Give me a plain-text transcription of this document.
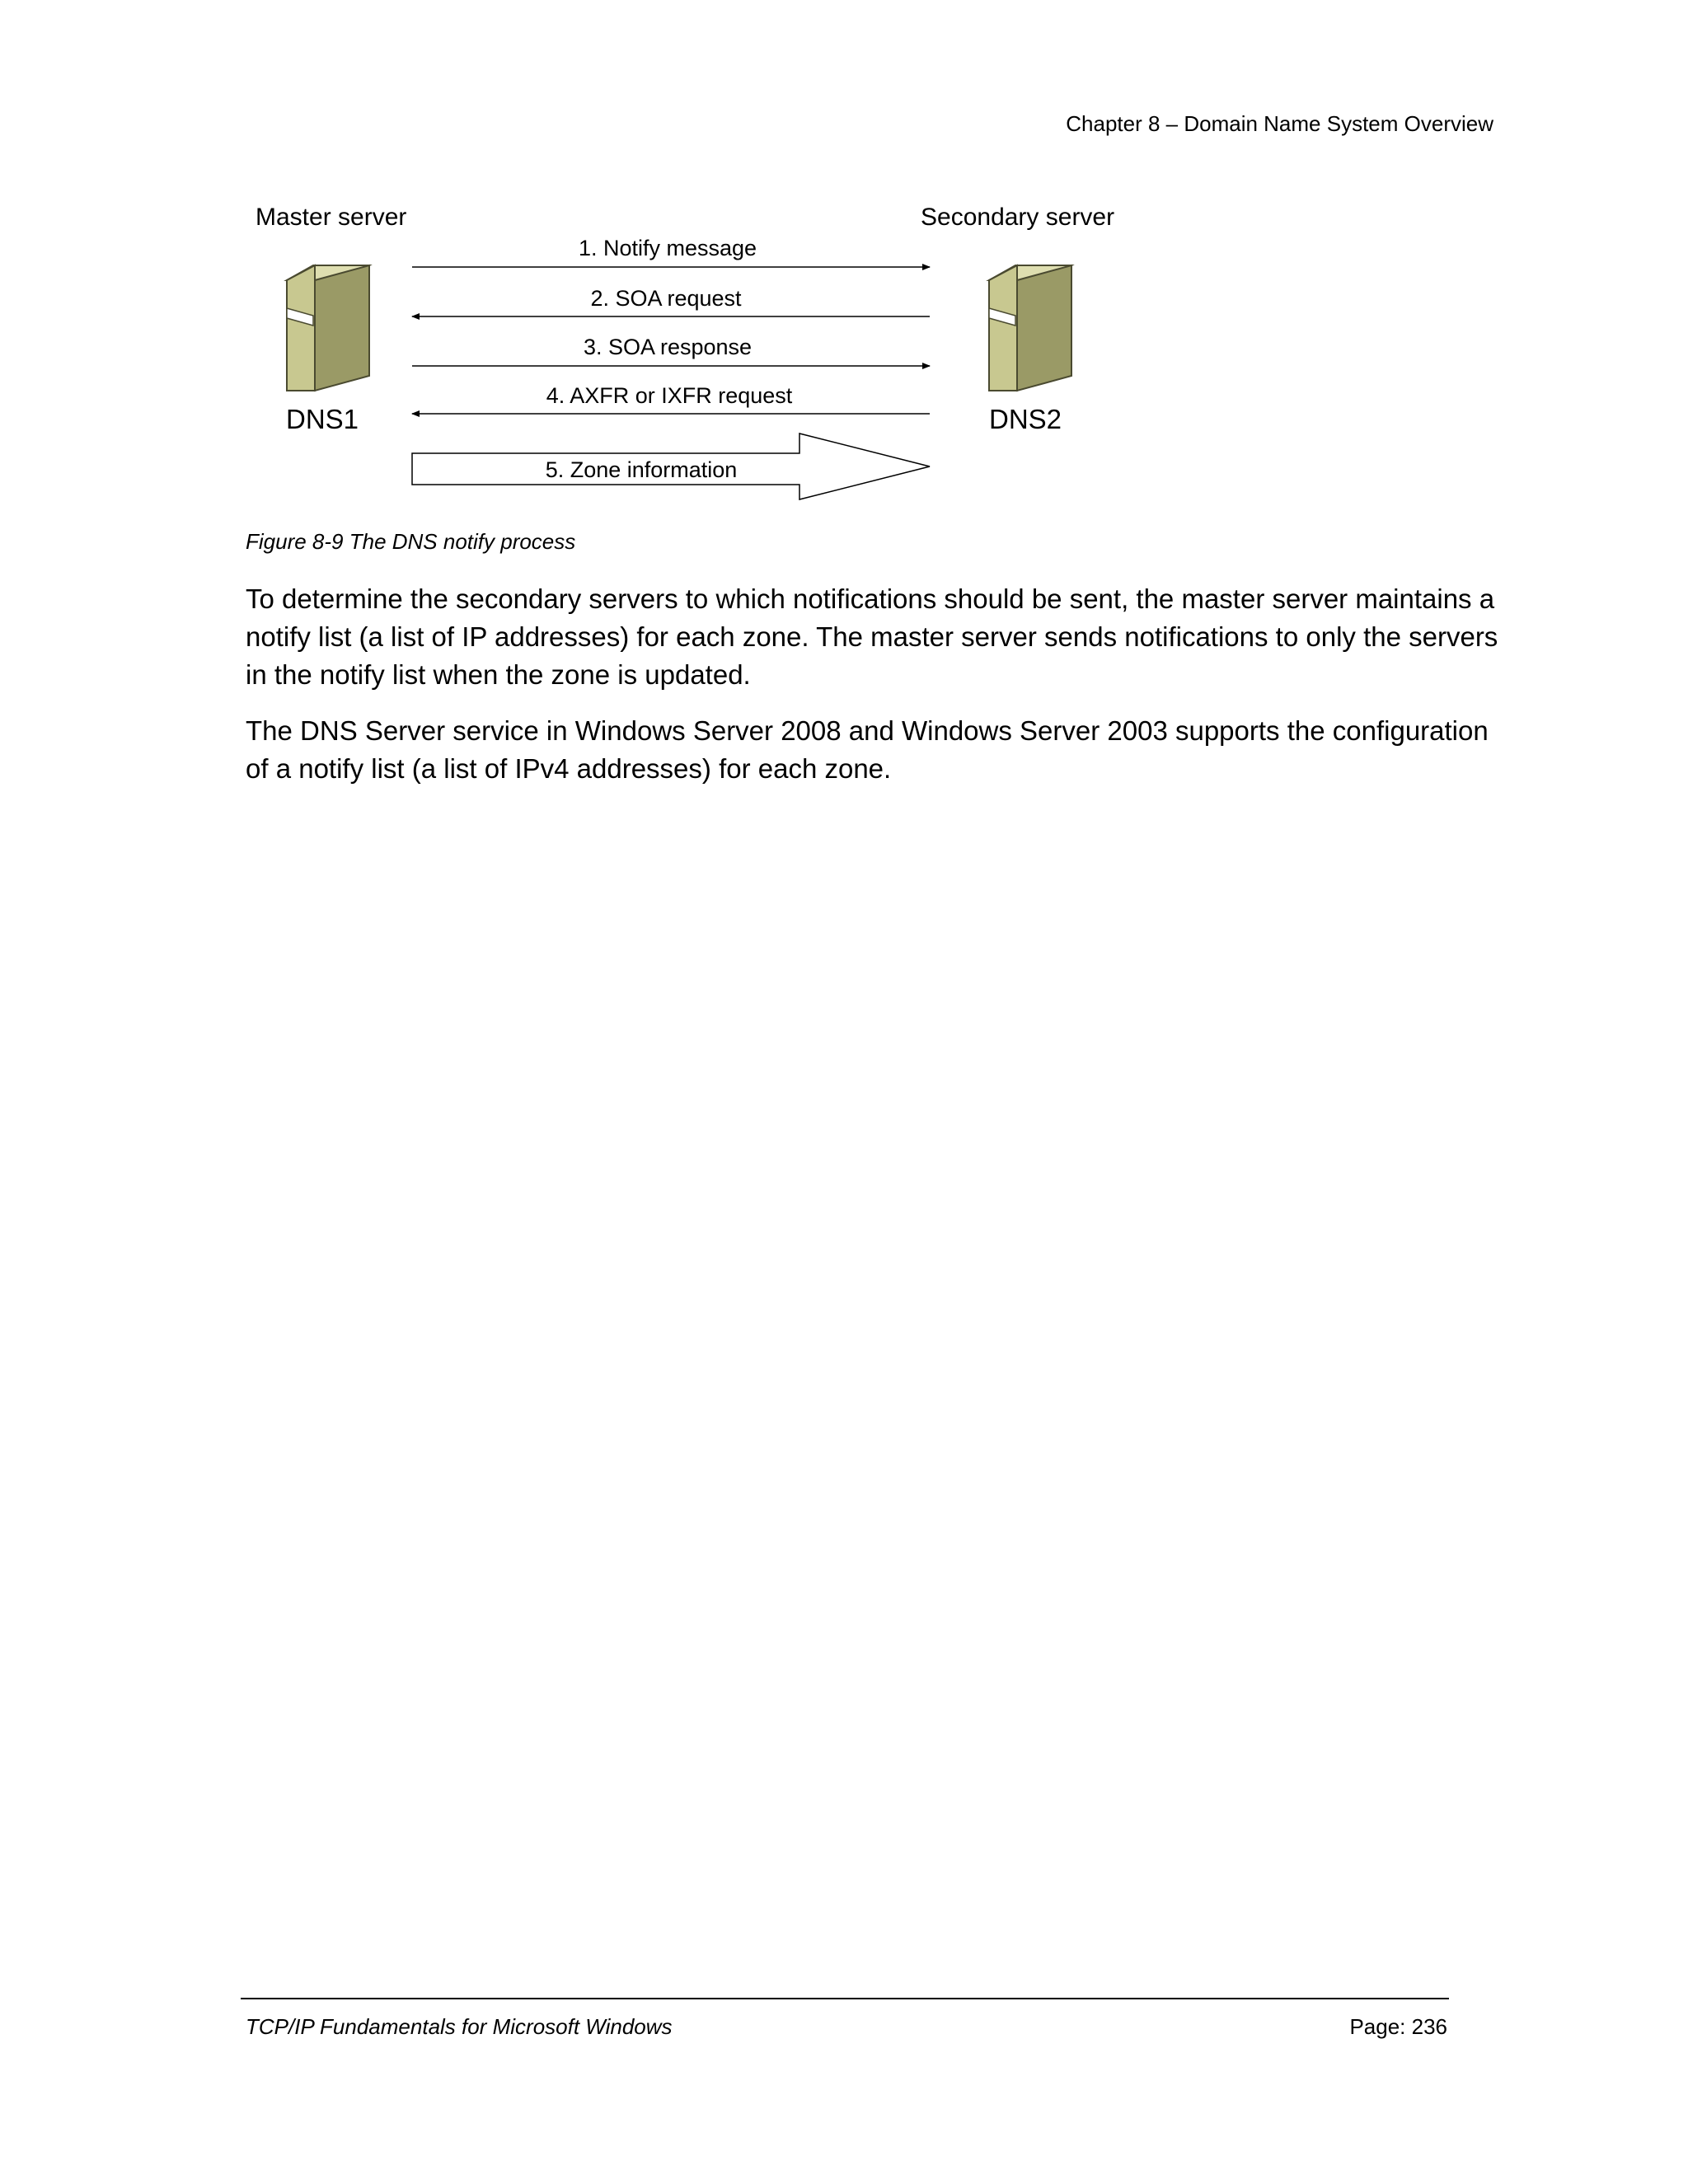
Chapter 8 – Domain Name System Overview
Master server	Secondary server
DNS1	DNS2
1. Notify message
2. SOA request
3. SOA response
4. AXFR or IXFR request
5. Zone information
Figure 8-9 The DNS notify process

To determine the secondary servers to which notifications should be sent, the master server maintains a notify list (a list of IP addresses) for each zone. The master server sends notifications to only the servers in the notify list when the zone is updated.

The DNS Server service in Windows Server 2008 and Windows Server 2003 supports the configuration of a notify list (a list of IPv4 addresses) for each zone.

TCP/IP Fundamentals for Microsoft Windows	Page: 236
